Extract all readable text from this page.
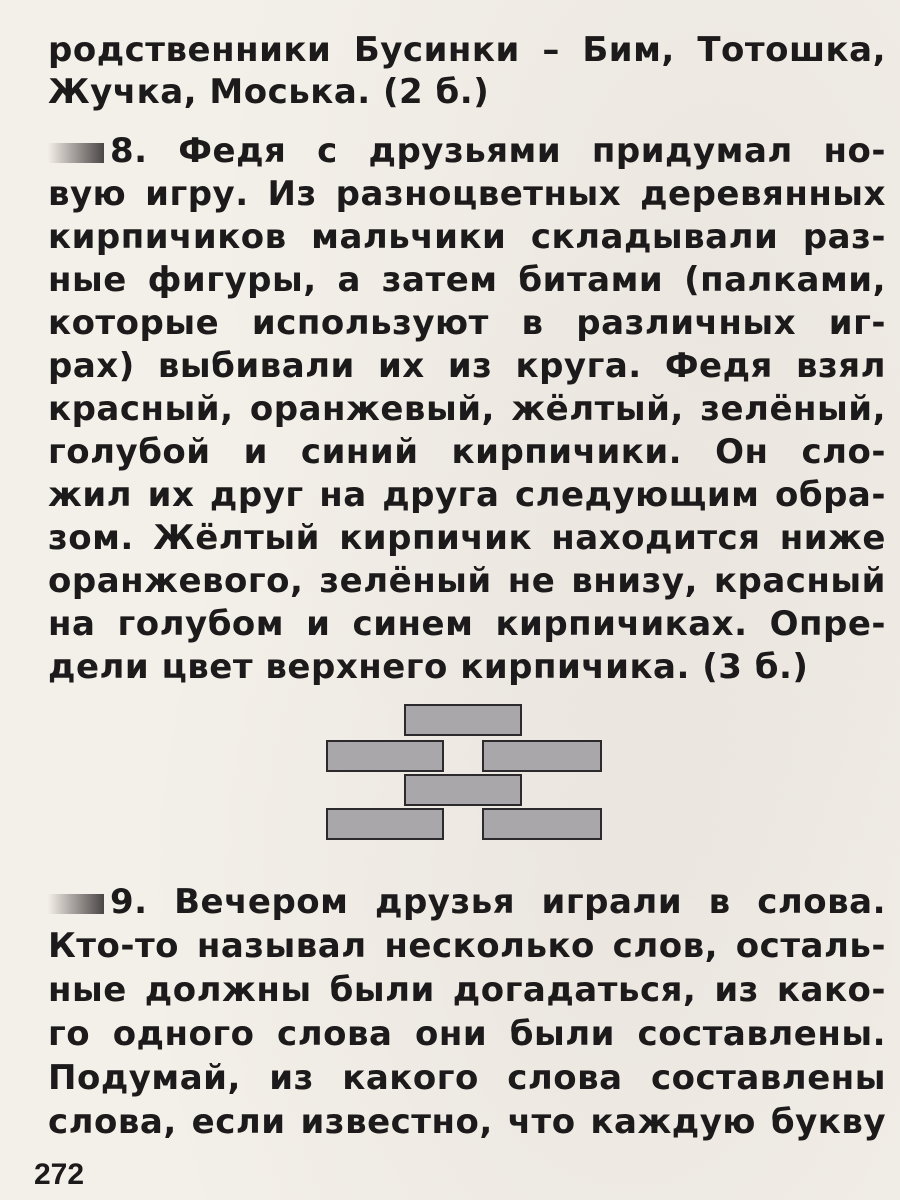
родственники Бусинки – Бим, Тотошка,
Жучка, Моська. (2 б.)
8. Федя с друзьями придумал но-
вую игру. Из разноцветных деревянных
кирпичиков мальчики складывали раз-
ные фигуры, а затем битами (палками,
которые используют в различных иг-
рах) выбивали их из круга. Федя взял
красный, оранжевый, жёлтый, зелёный,
голубой и синий кирпичики. Он сло-
жил их друг на друга следующим обра-
зом. Жёлтый кирпичик находится ниже
оранжевого, зелёный не внизу, красный
на голубом и синем кирпичиках. Опре-
дели цвет верхнего кирпичика. (3 б.)
9. Вечером друзья играли в слова.
Кто-то называл несколько слов, осталь-
ные должны были догадаться, из како-
го одного слова они были составлены.
Подумай, из какого слова составлены
слова, если известно, что каждую букву
272
